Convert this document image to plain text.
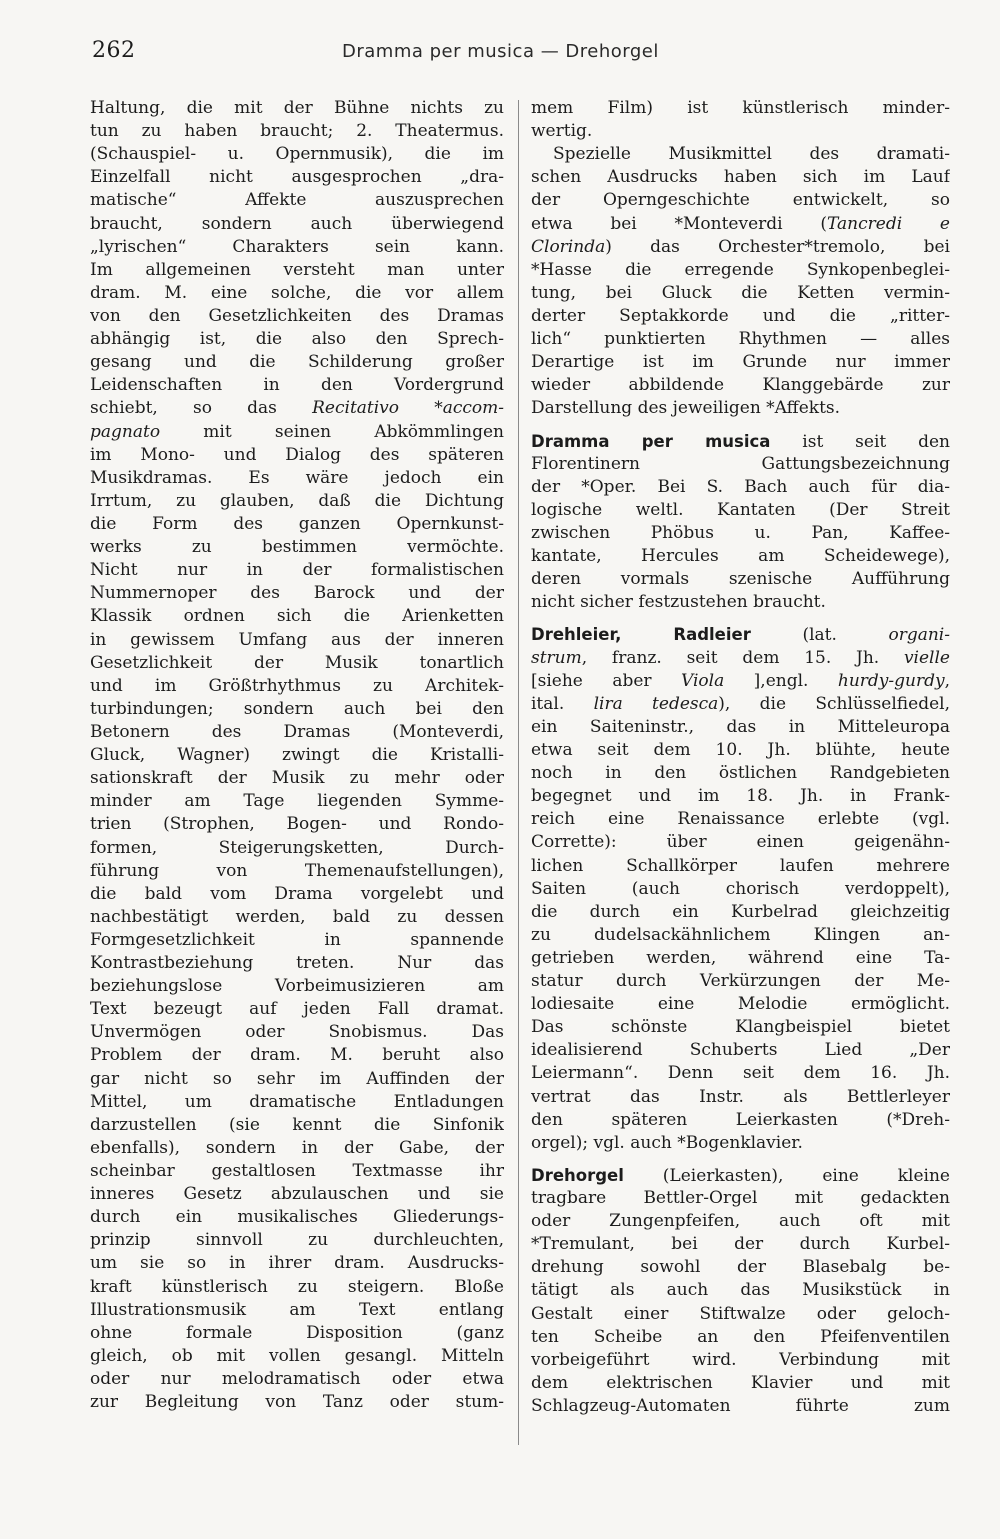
262	Dramma per musica — Drehorgel
Haltung, die mit der Bühne nichts zu
tun zu haben braucht; 2. Theatermus.
(Schauspiel- u. Opernmusik), die im
Einzelfall nicht ausgesprochen „dra-
matische“ Affekte auszusprechen
braucht, sondern auch überwiegend
„lyrischen“ Charakters sein kann.
Im allgemeinen versteht man unter
dram. M. eine solche, die vor allem
von den Gesetzlichkeiten des Dramas
abhängig ist, die also den Sprech-
gesang und die Schilderung großer
Leidenschaften in den Vordergrund
schiebt, so das Recitativo *accom-
pagnato mit seinen Abkömmlingen
im Mono- und Dialog des späteren
Musikdramas. Es wäre jedoch ein
Irrtum, zu glauben, daß die Dichtung
die Form des ganzen Opernkunst-
werks zu bestimmen vermöchte.
Nicht nur in der formalistischen
Nummernoper des Barock und der
Klassik ordnen sich die Arienketten
in gewissem Umfang aus der inneren
Gesetzlichkeit der Musik tonartlich
und im Größtrhythmus zu Architek-
turbindungen; sondern auch bei den
Betonern des Dramas (Monteverdi,
Gluck, Wagner) zwingt die Kristalli-
sationskraft der Musik zu mehr oder
minder am Tage liegenden Symme-
trien (Strophen, Bogen- und Rondo-
formen, Steigerungsketten, Durch-
führung von Themenaufstellungen),
die bald vom Drama vorgelebt und
nachbestätigt werden, bald zu dessen
Formgesetzlichkeit in spannende
Kontrastbeziehung treten. Nur das
beziehungslose Vorbeimusizieren am
Text bezeugt auf jeden Fall dramat.
Unvermögen oder Snobismus. Das
Problem der dram. M. beruht also
gar nicht so sehr im Auffinden der
Mittel, um dramatische Entladungen
darzustellen (sie kennt die Sinfonik
ebenfalls), sondern in der Gabe, der
scheinbar gestaltlosen Textmasse ihr
inneres Gesetz abzulauschen und sie
durch ein musikalisches Gliederungs-
prinzip sinnvoll zu durchleuchten,
um sie so in ihrer dram. Ausdrucks-
kraft künstlerisch zu steigern. Bloße
Illustrationsmusik am Text entlang
ohne formale Disposition (ganz
gleich, ob mit vollen gesangl. Mitteln
oder nur melodramatisch oder etwa
zur Begleitung von Tanz oder stum-
mem Film) ist künstlerisch minder-
wertig.
Spezielle Musikmittel des dramati-
schen Ausdrucks haben sich im Lauf
der Operngeschichte entwickelt, so
etwa bei *Monteverdi (Tancredi e
Clorinda) das Orchester*tremolo, bei
*Hasse die erregende Synkopenbeglei-
tung, bei Gluck die Ketten vermin-
derter Septakkorde und die „ritter-
lich“ punktierten Rhythmen — alles
Derartige ist im Grunde nur immer
wieder abbildende Klanggebärde zur
Darstellung des jeweiligen *Affekts.
Dramma per musica ist seit den
Florentinern Gattungsbezeichnung
der *Oper. Bei S. Bach auch für dia-
logische weltl. Kantaten (Der Streit
zwischen Phöbus u. Pan, Kaffee-
kantate, Hercules am Scheidewege),
deren vormals szenische Aufführung
nicht sicher festzustehen braucht.
Drehleier, Radleier (lat. organi-
strum, franz. seit dem 15. Jh. vielle
[siehe aber Viola ],engl. hurdy-gurdy,
ital. lira tedesca), die Schlüsselfiedel,
ein Saiteninstr., das in Mitteleuropa
etwa seit dem 10. Jh. blühte, heute
noch in den östlichen Randgebieten
begegnet und im 18. Jh. in Frank-
reich eine Renaissance erlebte (vgl.
Corrette): über einen geigenähn-
lichen Schallkörper laufen mehrere
Saiten (auch chorisch verdoppelt),
die durch ein Kurbelrad gleichzeitig
zu dudelsackähnlichem Klingen an-
getrieben werden, während eine Ta-
statur durch Verkürzungen der Me-
lodiesaite eine Melodie ermöglicht.
Das schönste Klangbeispiel bietet
idealisierend Schuberts Lied „Der
Leiermann“. Denn seit dem 16. Jh.
vertrat das Instr. als Bettlerleyer
den späteren Leierkasten (*Dreh-
orgel); vgl. auch *Bogenklavier.
Drehorgel (Leierkasten), eine kleine
tragbare Bettler-Orgel mit gedackten
oder Zungenpfeifen, auch oft mit
*Tremulant, bei der durch Kurbel-
drehung sowohl der Blasebalg be-
tätigt als auch das Musikstück in
Gestalt einer Stiftwalze oder geloch-
ten Scheibe an den Pfeifenventilen
vorbeigeführt wird. Verbindung mit
dem elektrischen Klavier und mit
Schlagzeug-Automaten führte zum
